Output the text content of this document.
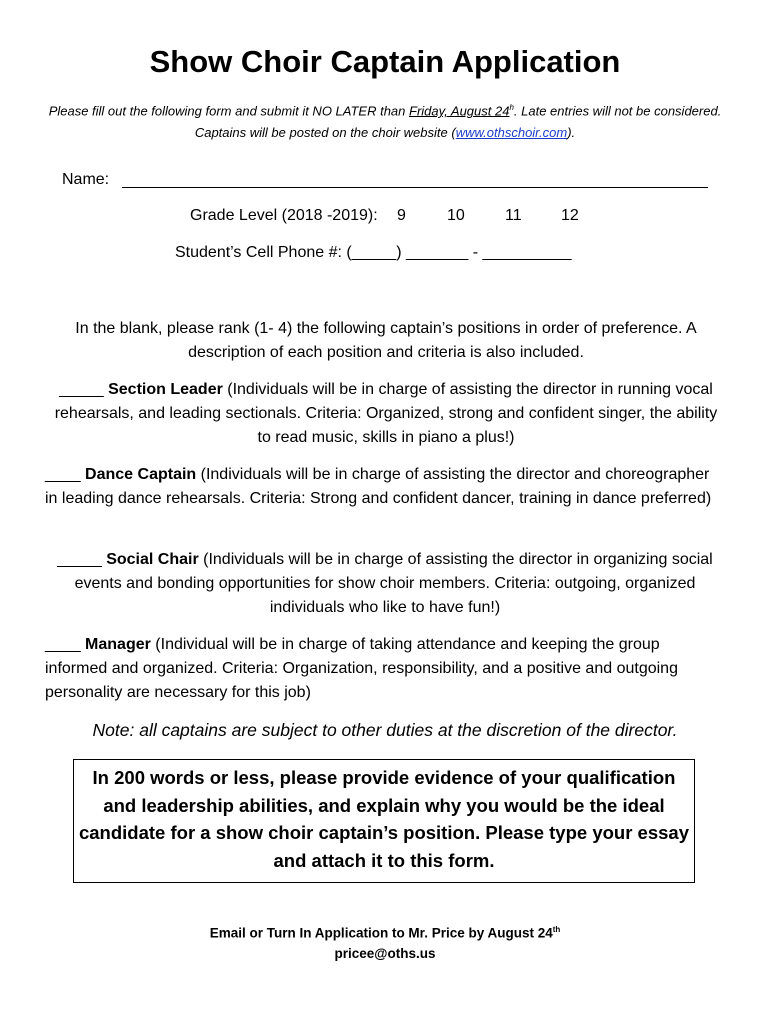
Show Choir Captain Application
Please fill out the following form and submit it NO LATER than Friday, August 24$^h$. Late entries will not be considered.
Captains will be posted on the choir website (www.othschoir.com).
Name:
Grade Level (2018 -2019): 9	10	11 12
Student’s Cell Phone #: (_____) _______ - __________
In the blank, please rank (1- 4) the following captain’s positions in order of preference. A description of each position and criteria is also included.
_____ Section Leader (Individuals will be in charge of assisting the director in running vocal rehearsals, and leading sectionals. Criteria: Organized, strong and confident singer, the ability to read music, skills in piano a plus!)
____ Dance Captain (Individuals will be in charge of assisting the director and choreographer in leading dance rehearsals. Criteria: Strong and confident dancer, training in dance preferred)
_____ Social Chair (Individuals will be in charge of assisting the director in organizing social events and bonding opportunities for show choir members. Criteria: outgoing, organized individuals who like to have fun!)
____ Manager (Individual will be in charge of taking attendance and keeping the group informed and organized. Criteria: Organization, responsibility, and a positive and outgoing personality are necessary for this job)
Note: all captains are subject to other duties at the discretion of the director.
In 200 words or less, please provide evidence of your qualification and leadership abilities, and explain why you would be the ideal candidate for a show choir captain’s position. Please type your essay and attach it to this form.
Email or Turn In Application to Mr. Price by August 24th
pricee@oths.us
